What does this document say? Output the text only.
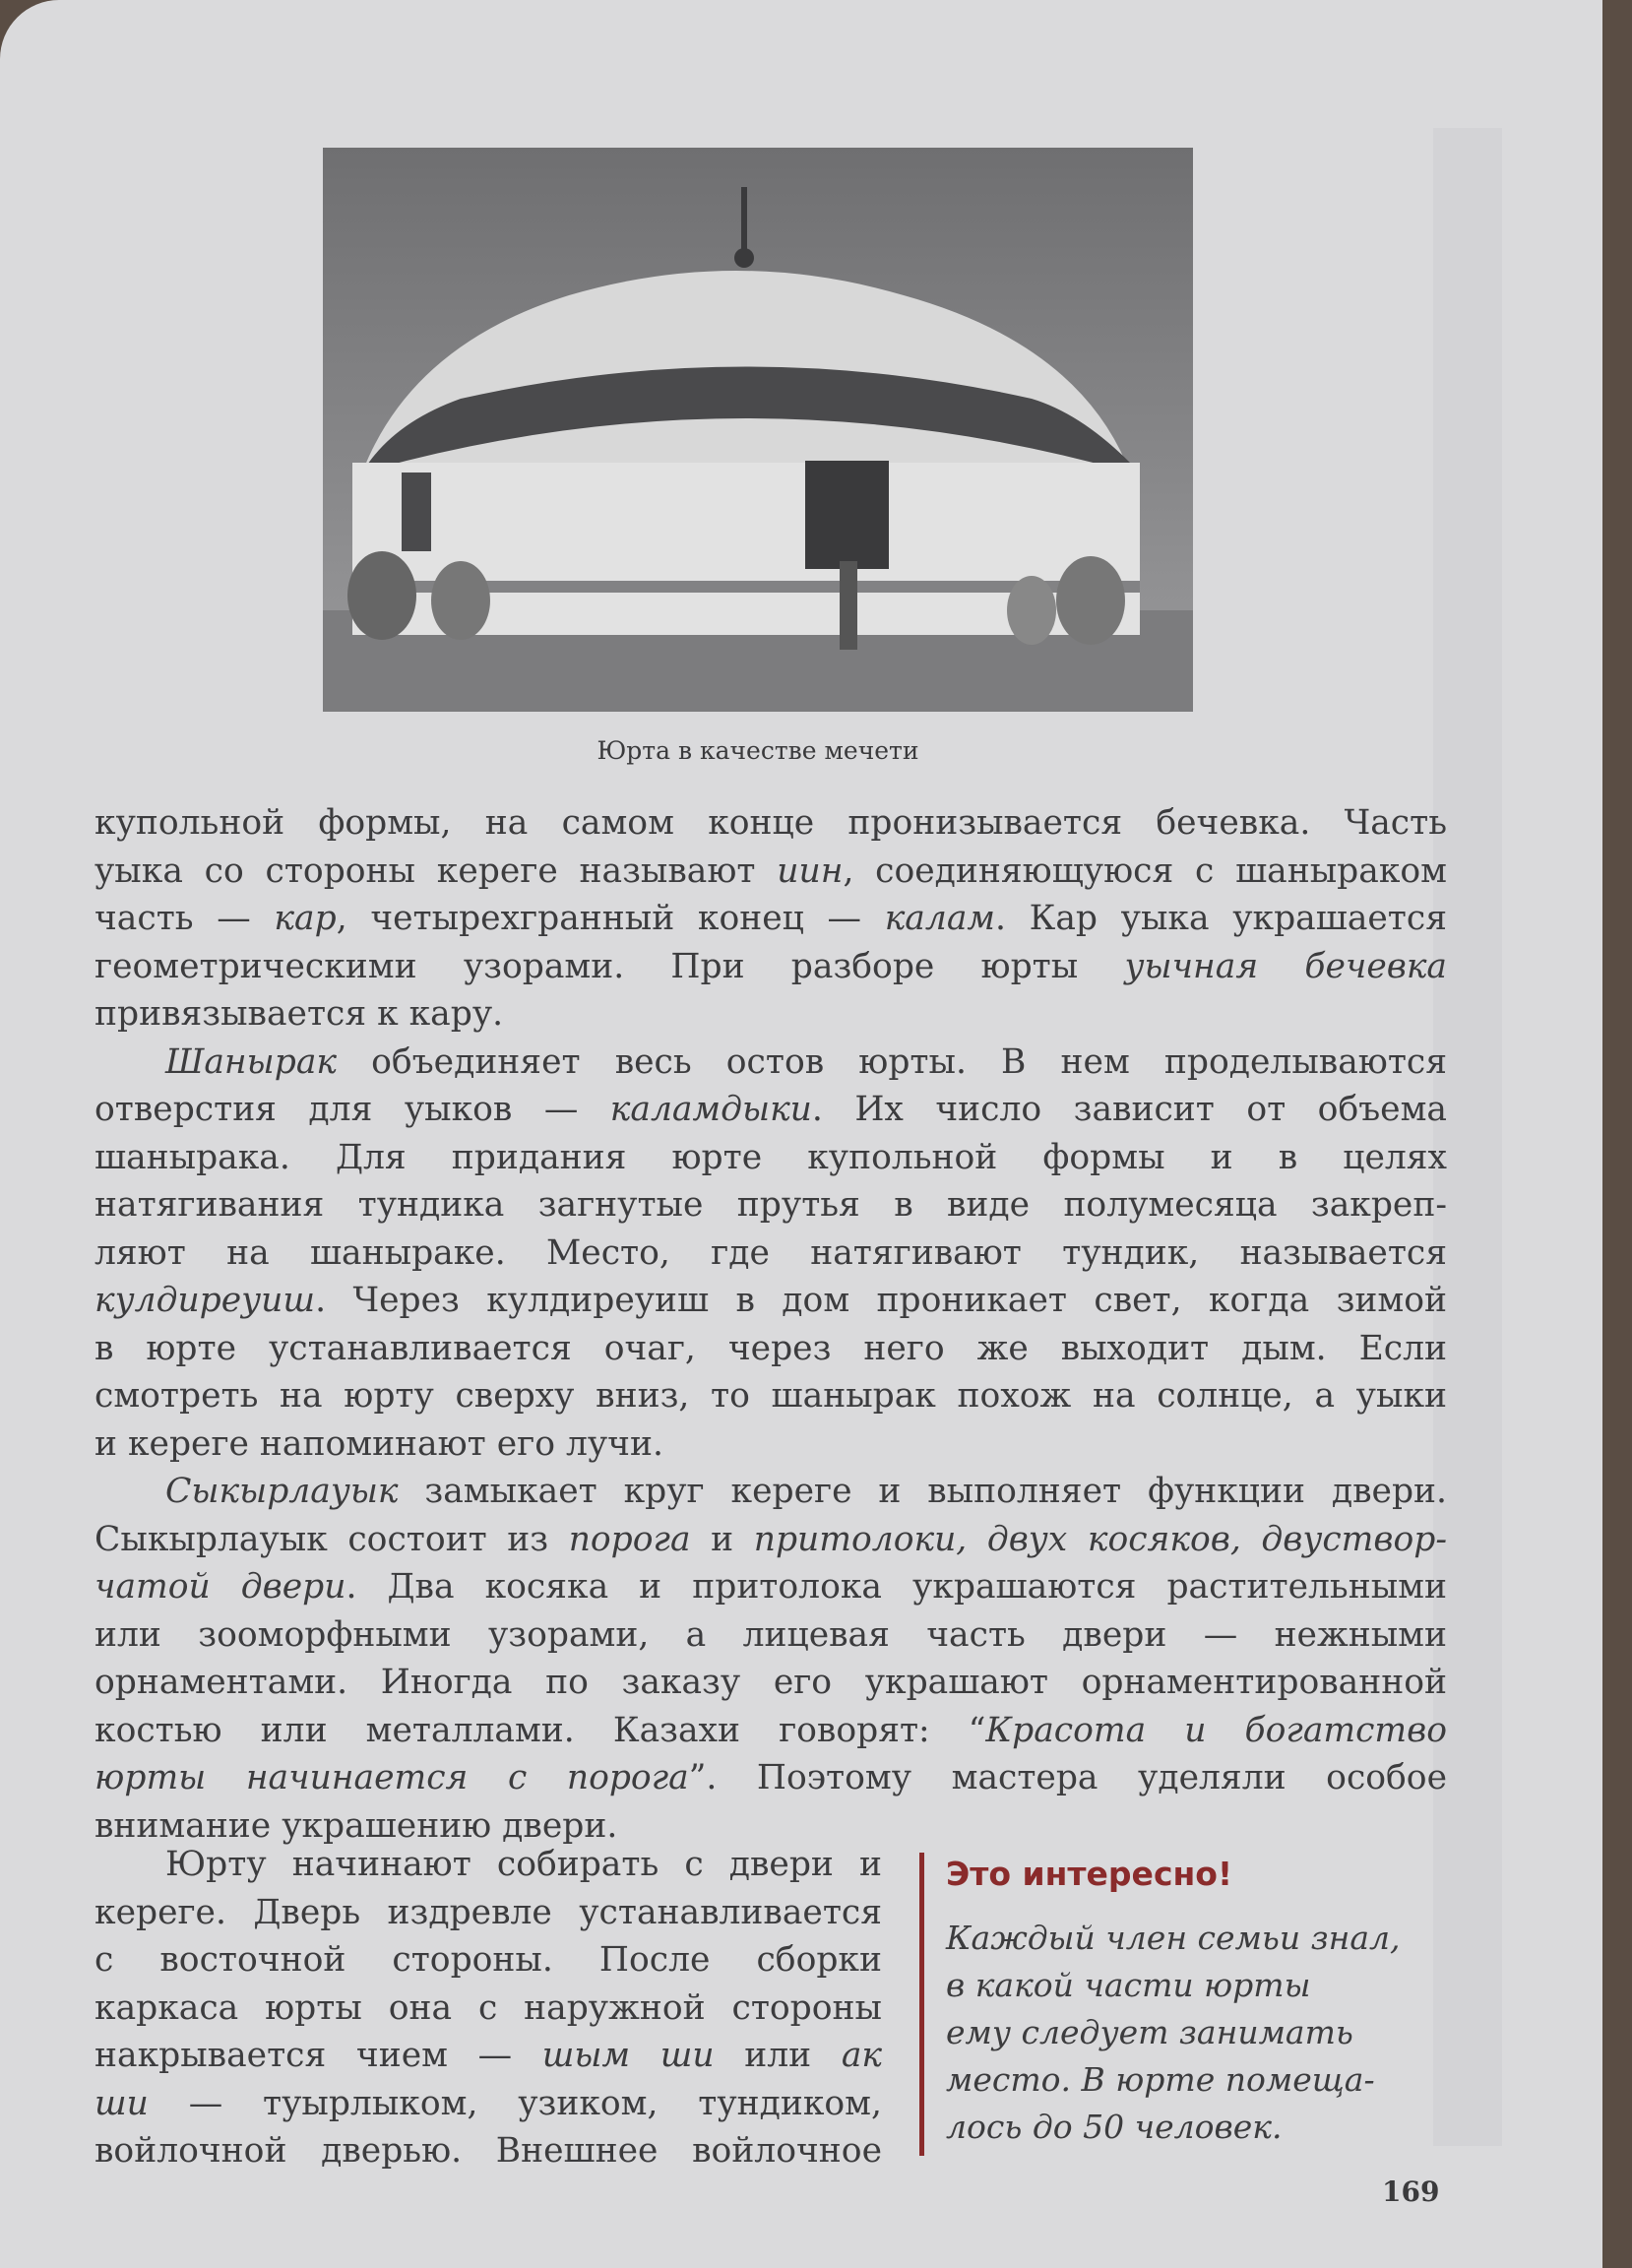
Юрта в качестве мечети

купольной формы, на самом конце пронизывается бечевка. Часть

уыка со стороны кереге называют иин, соединяющуюся с шаныраком

часть — кар, четырехгранный конец — калам. Кар уыка украшается

геометрическими узорами. При разборе юрты уычная бечевка

привязывается к кару.

Шанырак объединяет весь остов юрты. В нем проделываются

отверстия для уыков — каламдыки. Их число зависит от объема

шанырака. Для придания юрте купольной формы и в целях

натягивания тундика загнутые прутья в виде полумесяца закреп-

ляют на шаныраке. Место, где натягивают тундик, называется

кулдиреуиш. Через кулдиреуиш в дом проникает свет, когда зимой

в юрте устанавливается очаг, через него же выходит дым. Если

смотреть на юрту сверху вниз, то шанырак похож на солнце, а уыки

и кереге напоминают его лучи.

Сыкырлауык замыкает круг кереге и выполняет функции двери.

Сыкырлауык состоит из порога и притолоки, двух косяков, двуствор-

чатой двери. Два косяка и притолока украшаются растительными

или зооморфными узорами, а лицевая часть двери — нежными

орнаментами. Иногда по заказу его украшают орнаментированной

костью или металлами. Казахи говорят: “Красота и богатство

юрты начинается с порога”. Поэтому мастера уделяли особое

внимание украшению двери.

Юрту начинают собирать с двери и

кереге. Дверь издревле устанавливается

с восточной стороны. После сборки

каркаса юрты она с наружной стороны

накрывается чием — шым ши или ак

ши — туырлыком, узиком, тундиком,

войлочной дверью. Внешнее войлочное

Это интересно!
Каждый член семьи знал,
в какой части юрты
ему следует занимать
место. В юрте помеща-
лось до 50 человек.
169
